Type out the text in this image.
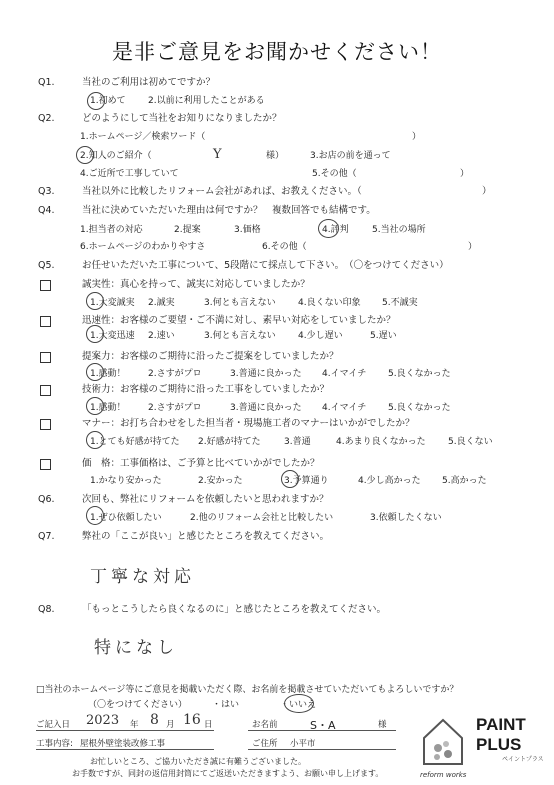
是非ご意見をお聞かせください！
Q1.	当社のご利用は初めてですか？
1.初めて 2.以前に利用したことがある
Q2.	どのようにして当社をお知りになりましたか？
1.ホームページ／検索ワード（	）
2.知人のご紹介（	Y	様）	3.お店の前を通って
4.ご近所で工事していて	5.その他（	）
Q3.	当社以外に比較したリフォーム会社があれば、お教えください。（	）
Q4.	当社に決めていただいた理由は何ですか？　複数回答でも結構です。
1.担当者の対応	2.提案	3.価格	4.評判	5.当社の場所
6.ホームページのわかりやすさ	6.その他（	）
Q5.	お任せいただいた工事について、5段階にて採点して下さい。　（〇をつけてください）
誠実性：真心を持って、誠実に対応していましたか？
1.大変誠実 2.誠実	3.何とも言えない 4.良くない印象 5.不誠実
迅速性：お客様のご要望・ご不満に対し、素早い対応をしていましたか？
1.大変迅速 2.速い	3.何とも言えない 4.少し遅い	5.遅い
提案力：お客様のご期待に沿ったご提案をしていましたか？
1.感動！ 2.さすがプロ	3.普通に良かった 4.イマイチ 5.良くなかった
技術力：お客様のご期待に沿った工事をしていましたか？
1.感動！ 2.さすがプロ	3.普通に良かった 4.イマイチ 5.良くなかった
マナー：お打ち合わせをした担当者・現場施工者のマナーはいかがでしたか？
1.とても好感が持てた 2.好感が持てた	3.普通	4.あまり良くなかった 5.良くない
価　格：工事価格は、ご予算と比べていかがでしたか？
1.かなり安かった	2.安かった	3.予算通り	4.少し高かった 5.高かった
Q6.	次回も、弊社にリフォームを依頼したいと思われますか？
1.ぜひ依頼したい	2.他のリフォーム会社と比較したい	3.依頼したくない
Q7.	弊社の「ここが良い」と感じたところを教えてください。
丁寧な対応
Q8.	「もっとこうしたら良くなるのに」と感じたところを教えてください。
特になし
□当社のホームページ等にご意見を掲載いただく際、お名前を掲載させていただいてもよろしいですか？
（〇をつけてください）	・はい	・いいえ
ご記入日 2023 年 8 月 16 日	お名前	S・A	様
工事内容: 屋根外壁塗装改修工事	ご住所 小平市
お忙しいところ、ご協力いただき誠に有難うございました。
お手数ですが、同封の返信用封筒にてご返送いただきますよう、お願い申し上げます。	reform works
PAINT
PLUS
ペイントプラス
